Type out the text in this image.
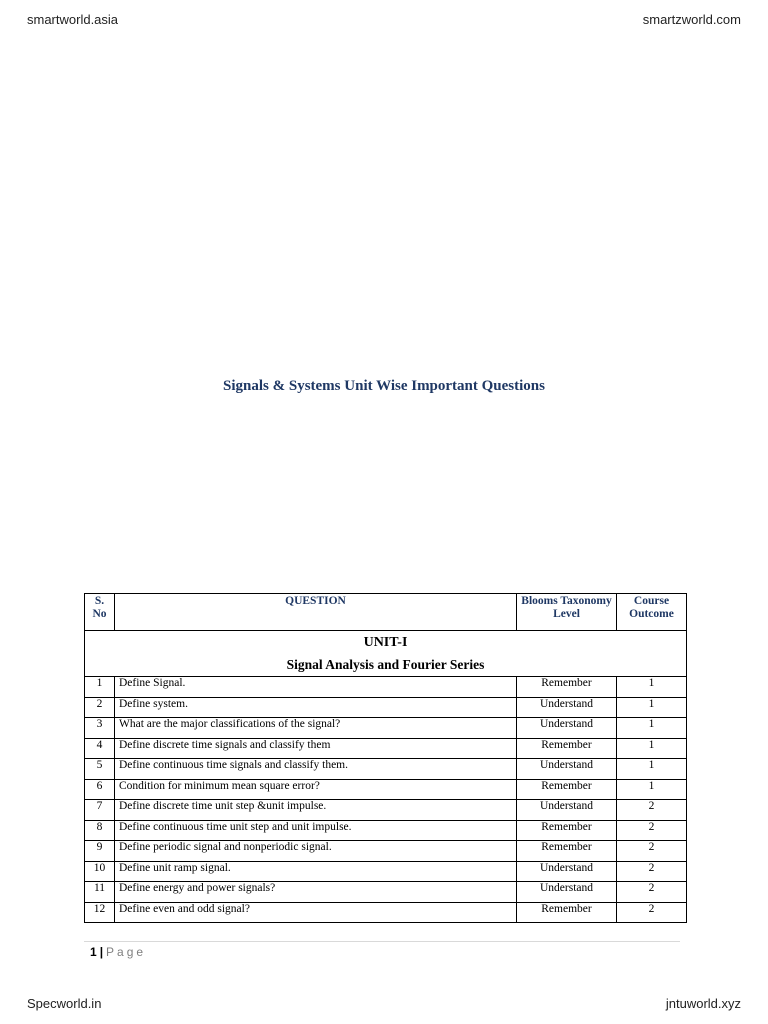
smartworld.asia	smartzworld.com
Signals & Systems Unit Wise Important Questions
S. No	QUESTION	Blooms Taxonomy Level	Course Outcome

UNIT-I
Signal Analysis and Fourier Series			

1	Define Signal.	Remember	1
2	Define system.	Understand	1
3	What are the major classifications of the signal?	Understand	1
4	Define discrete time signals and classify them	Remember	1
5	Define continuous time signals and classify them.	Understand	1
6	Condition for minimum mean square error?	Remember	1
7	Define discrete time unit step &unit impulse.	Understand	2
8	Define continuous time unit step and unit impulse.	Remember	2
9	Define periodic signal and nonperiodic signal.	Remember	2
10	Define unit ramp signal.	Understand	2
11	Define energy and power signals?	Understand	2
12	Define even and odd signal?	Remember	2
1 | Page
Specworld.in	jntuworld.xyz
